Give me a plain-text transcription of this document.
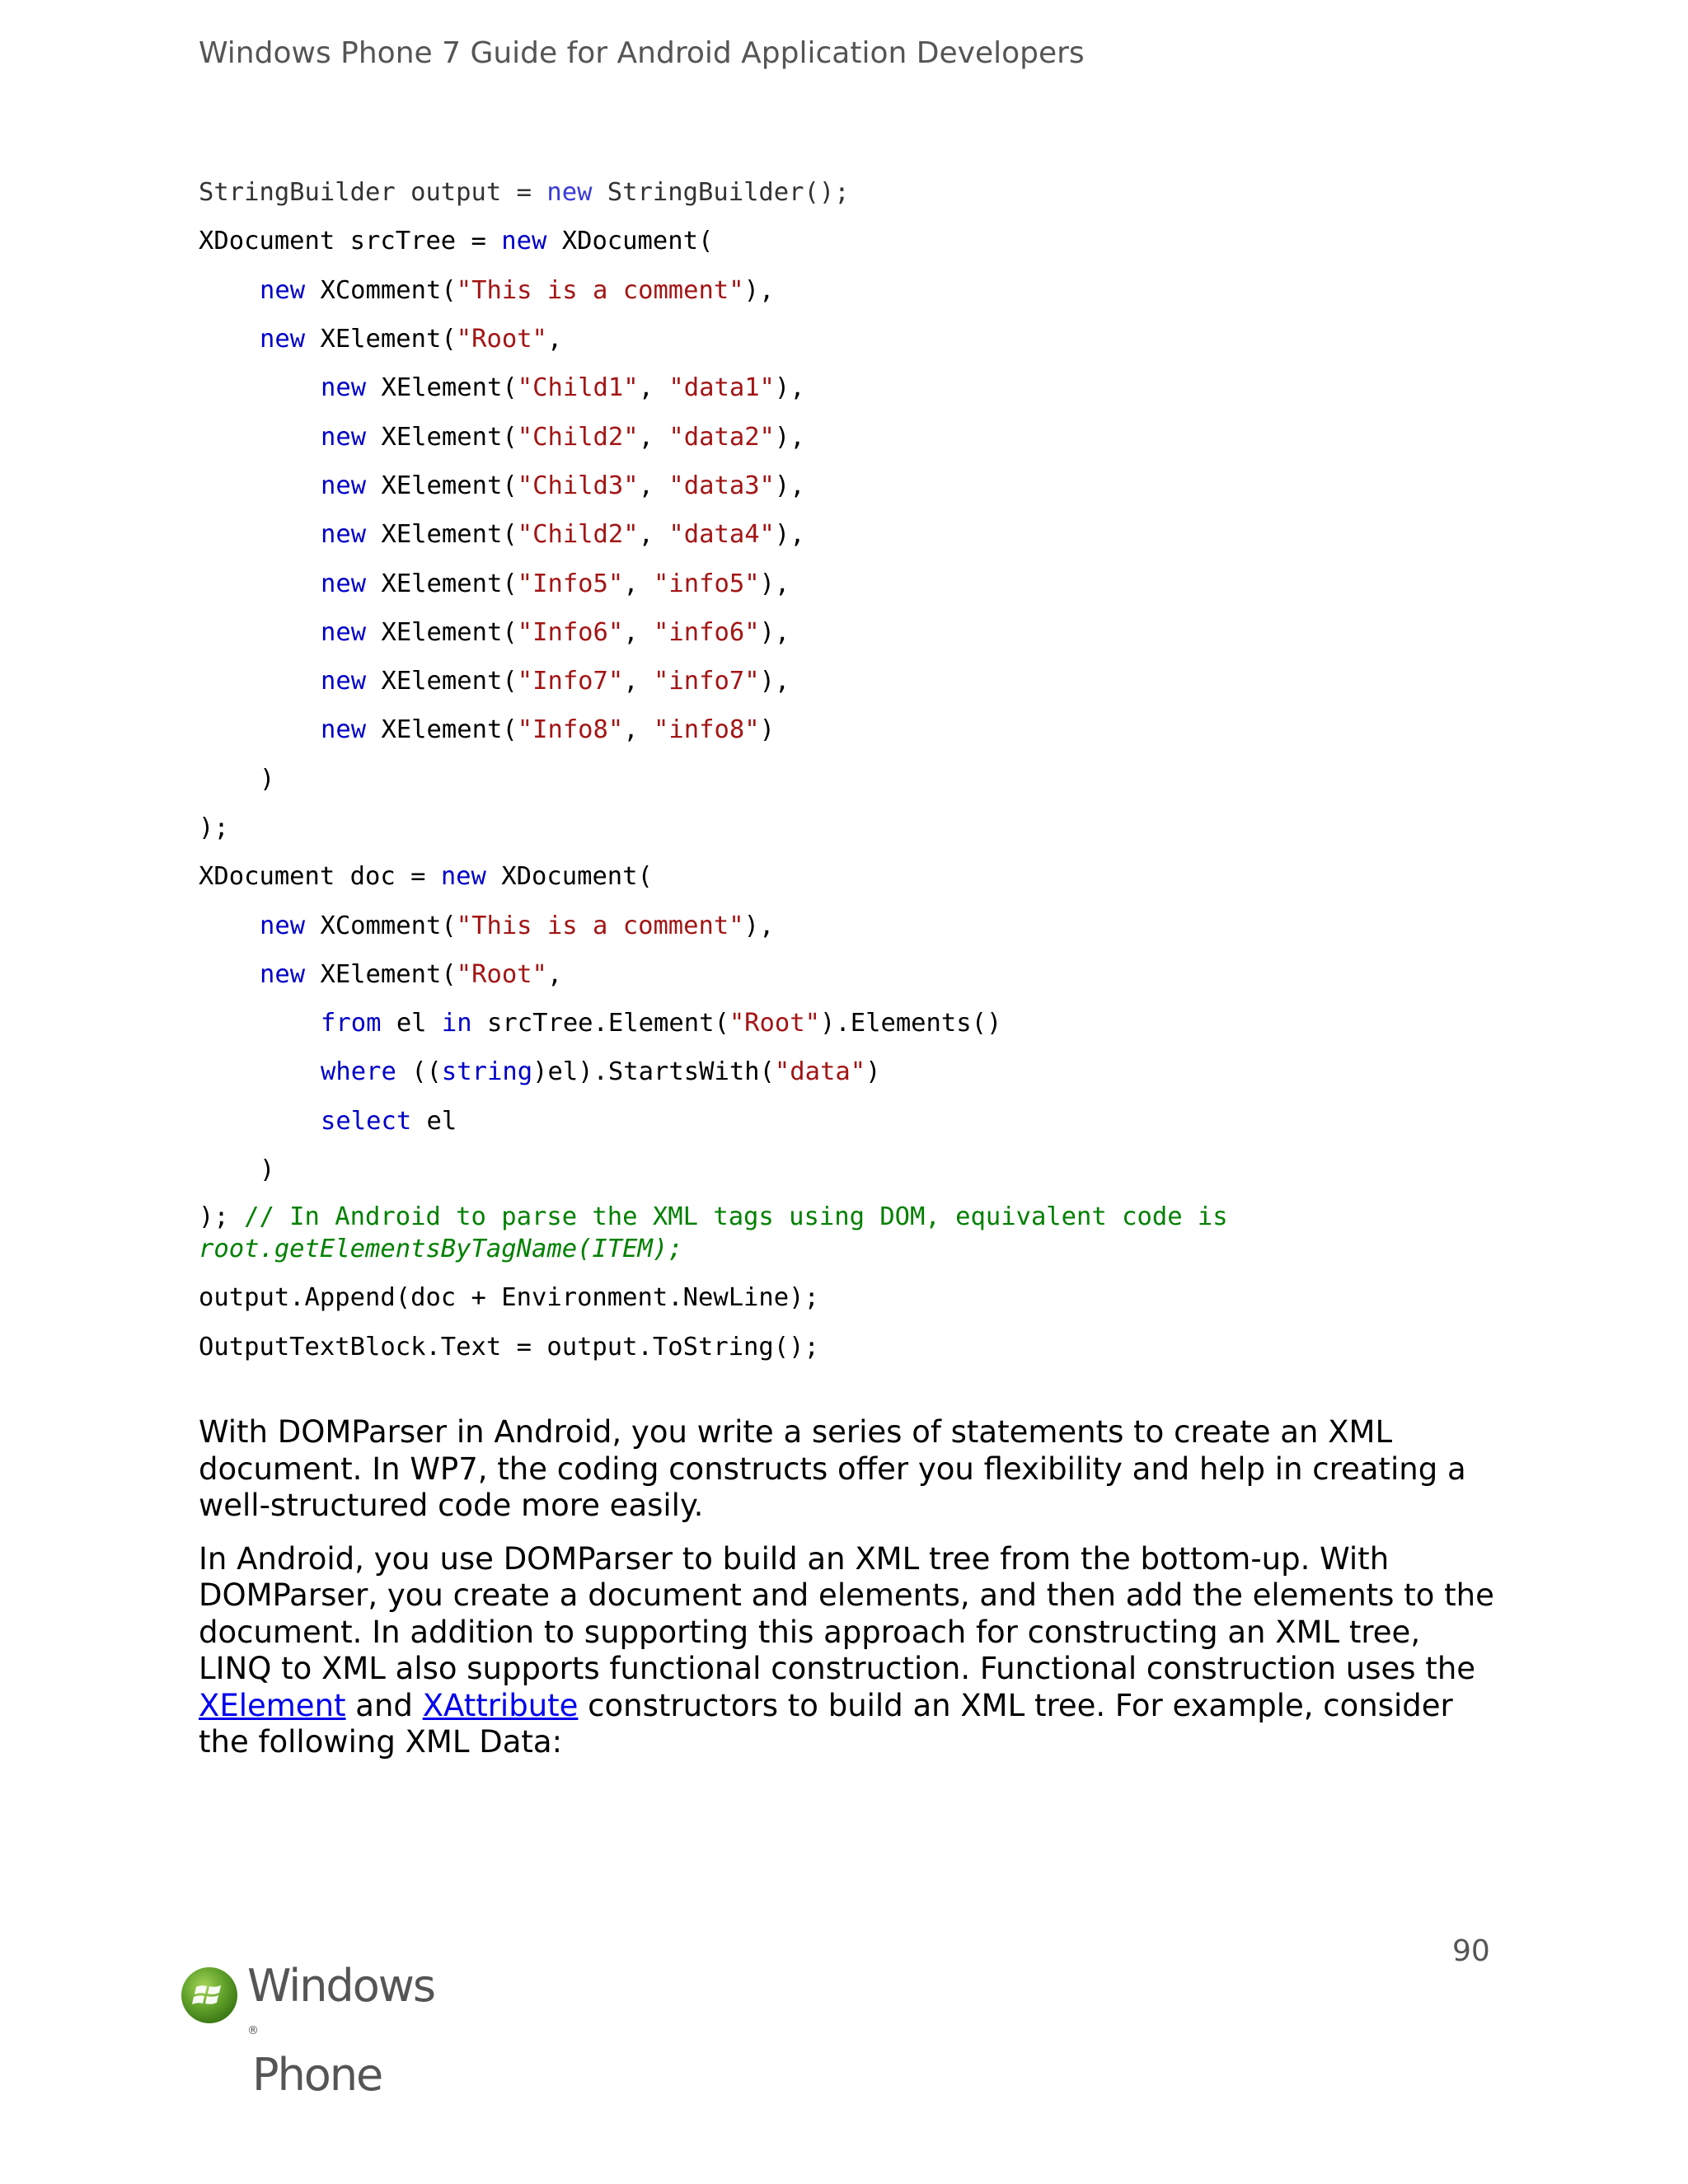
Windows Phone 7 Guide for Android Application Developers
StringBuilder output = new StringBuilder();
XDocument srcTree = new XDocument(
new XComment( "This is a comment" ),
new XElement( "Root" ,
new XElement( "Child1" , "data1" ),
new XElement( "Child2" , "data2" ),
new XElement( "Child3" , "data3" ),
new XElement( "Child2" , "data4" ),
new XElement( "Info5" , "info5" ),
new XElement( "Info6" , "info6" ),
new XElement( "Info7" , "info7" ),
new XElement( "Info8" , "info8" )
)
);
XDocument doc = new XDocument(
new XComment( "This is a comment" ),
new XElement( "Root" ,
from el in srcTree.Element( "Root" ).Elements()
where (( string )el).StartsWith( "data" )
select el
)
); // In Android to parse the XML tags using DOM, equivalent code is
root.getElementsByTagName(ITEM);
output.Append(doc + Environment.NewLine);
OutputTextBlock.Text = output.ToString();

With DOMParser in Android, you write a series of statements to create an XML document. In WP7, the coding constructs offer you flexibility and help in creating a well-structured code more easily.

In Android, you use DOMParser to build an XML tree from the bottom-up. With DOMParser, you create a document and elements, and then add the elements to the document. In addition to supporting this approach for constructing an XML tree, LINQ to XML also supports functional construction. Functional construction uses the XElement and XAttribute constructors to build an XML tree. For example, consider the following XML Data:

90
Windows
®
Phone
